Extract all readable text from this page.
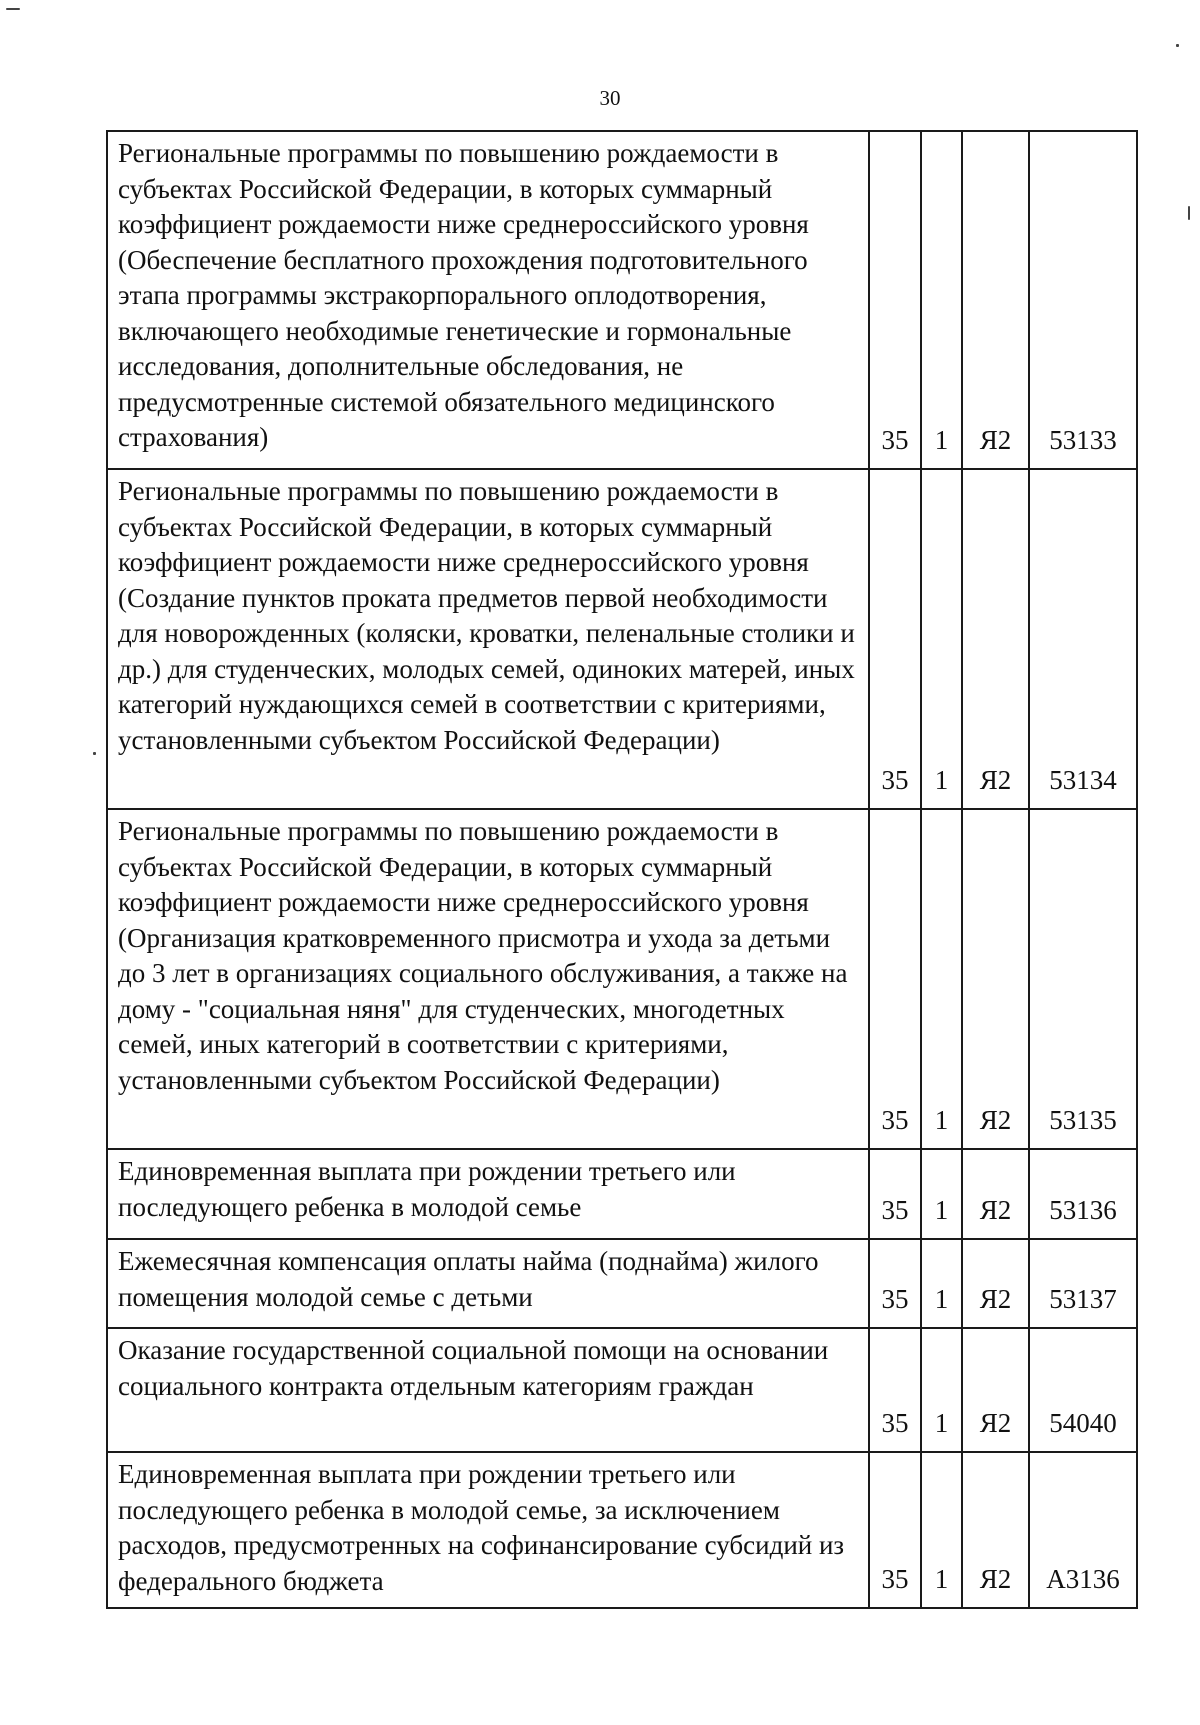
30
Региональные программы по повышению рождаемости в субъектах Российской Федерации, в которых суммарный коэффициент рождаемости ниже среднероссийского уровня (Обеспечение бесплатного прохождения подготовительного этапа программы экстракорпорального оплодотворения, включающего необходимые генетические и гормональные исследования, дополнительные обследования, не предусмотренные системой обязательного медицинского страхования)	35	1	Я2	53133
Региональные программы по повышению рождаемости в субъектах Российской Федерации, в которых суммарный коэффициент рождаемости ниже среднероссийского уровня (Создание пунктов проката предметов первой необходимости для новорожденных (коляски, кроватки, пеленальные столики и др.) для студенческих, молодых семей, одиноких матерей, иных категорий нуждающихся семей в соответствии с критериями, установленными субъектом Российской Федерации)	35	1	Я2	53134
Региональные программы по повышению рождаемости в субъектах Российской Федерации, в которых суммарный коэффициент рождаемости ниже среднероссийского уровня (Организация кратковременного присмотра и ухода за детьми до 3 лет в организациях социального обслуживания, а также на дому - "социальная няня" для студенческих, многодетных семей, иных категорий в соответствии с критериями, установленными субъектом Российской Федерации)	35	1	Я2	53135
Единовременная выплата при рождении третьего или последующего ребенка в молодой семье	35	1	Я2	53136
Ежемесячная компенсация оплаты найма (поднайма) жилого помещения молодой семье с детьми	35	1	Я2	53137
Оказание государственной социальной помощи на основании социального контракта отдельным категориям граждан	35	1	Я2	54040
Единовременная выплата при рождении третьего или последующего ребенка в молодой семье, за исключением расходов, предусмотренных на софинансирование субсидий из федерального бюджета	35	1	Я2	А3136
